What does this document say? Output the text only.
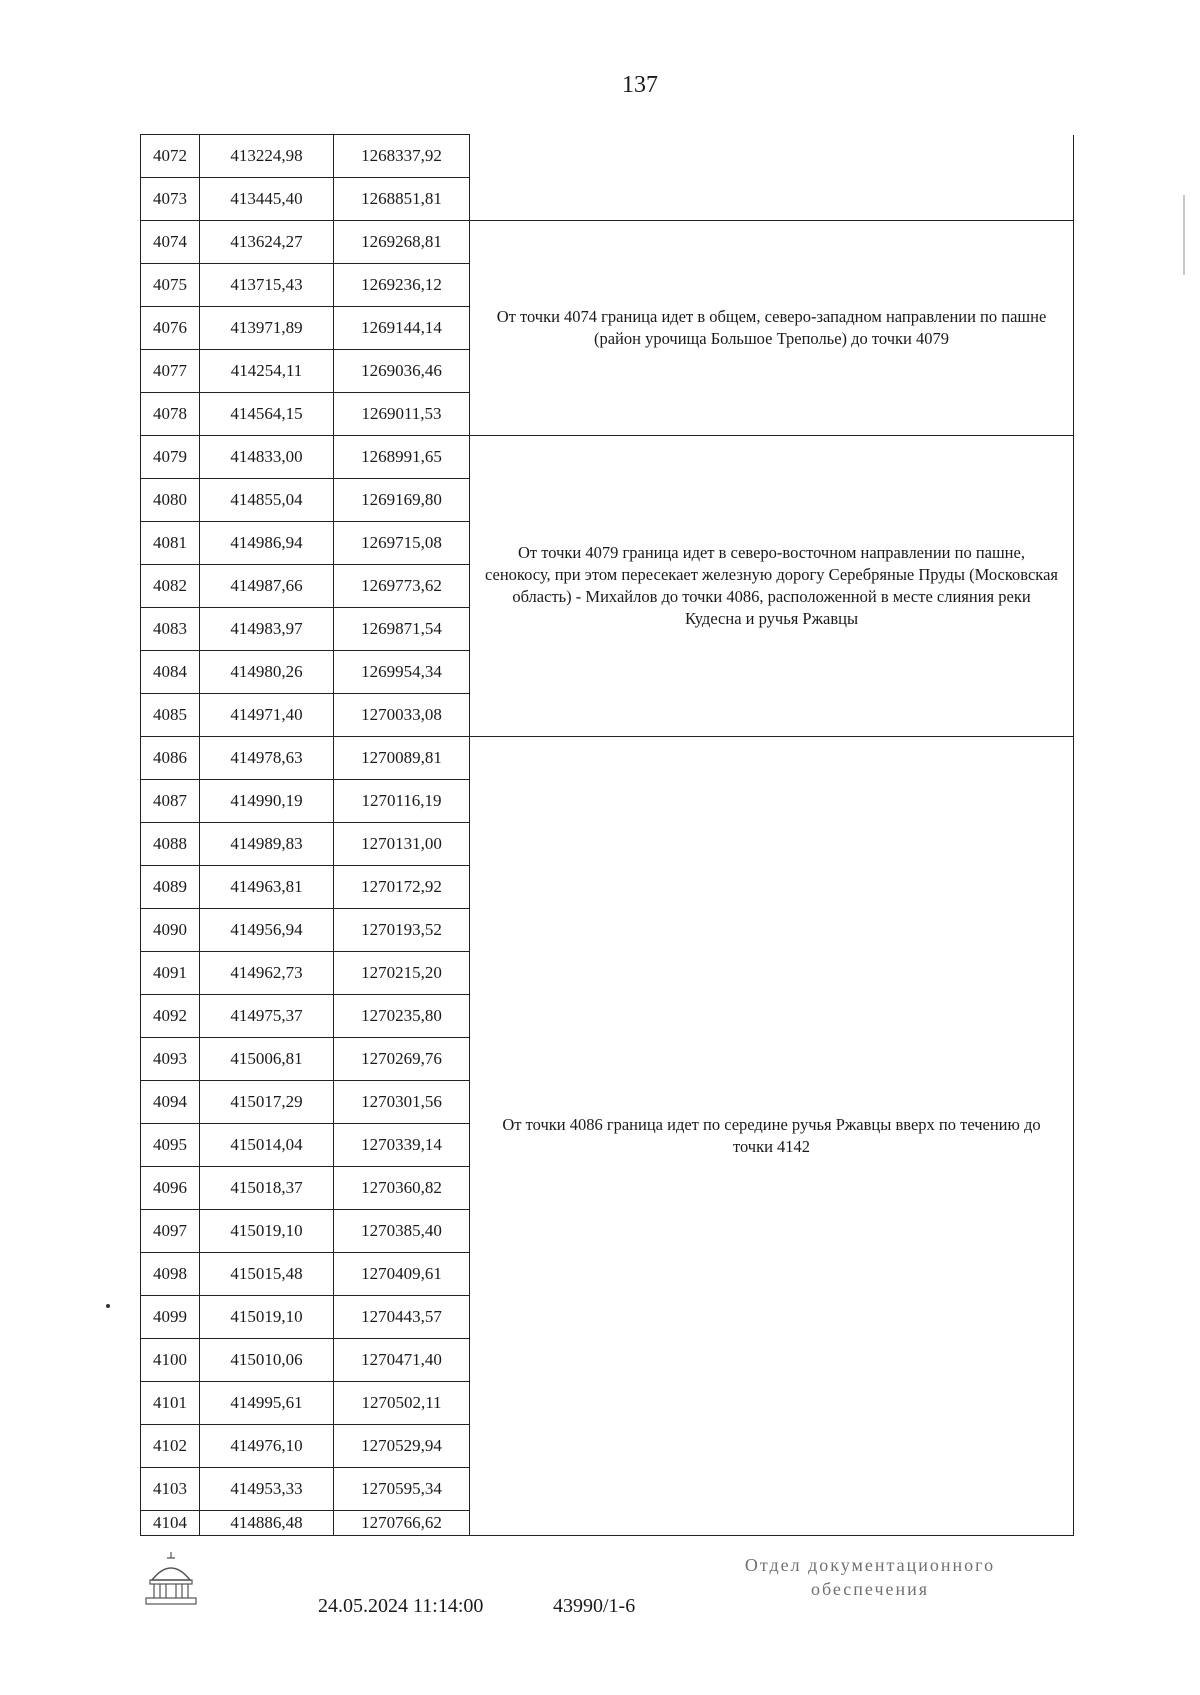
137
4072	413224,98	1268337,92	
4073	413445,40	1268851,81	
4074	413624,27	1269268,81	От точки 4074 граница идет в общем, северо-западном направлении по пашне (район урочища Большое Треполье) до точки 4079
4075	413715,43	1269236,12	
4076	413971,89	1269144,14	
4077	414254,11	1269036,46	
4078	414564,15	1269011,53	
4079	414833,00	1268991,65	От точки 4079 граница идет в северо-восточном направлении по пашне, сенокосу, при этом пересекает железную дорогу Серебряные Пруды (Московская область) - Михайлов до точки 4086, расположенной в месте слияния реки Кудесна и ручья Ржавцы
4080	414855,04	1269169,80	
4081	414986,94	1269715,08	
4082	414987,66	1269773,62	
4083	414983,97	1269871,54	
4084	414980,26	1269954,34	
4085	414971,40	1270033,08	
4086	414978,63	1270089,81	От точки 4086 граница идет по середине ручья Ржавцы вверх по течению до точки 4142
4087	414990,19	1270116,19	
4088	414989,83	1270131,00	
4089	414963,81	1270172,92	
4090	414956,94	1270193,52	
4091	414962,73	1270215,20	
4092	414975,37	1270235,80	
4093	415006,81	1270269,76	
4094	415017,29	1270301,56	
4095	415014,04	1270339,14	
4096	415018,37	1270360,82	
4097	415019,10	1270385,40	
4098	415015,48	1270409,61	
4099	415019,10	1270443,57	
4100	415010,06	1270471,40	
4101	414995,61	1270502,11	
4102	414976,10	1270529,94	
4103	414953,33	1270595,34	
4104	414886,48	1270766,62	
24.05.2024 11:14:00	43990/1-6
Отдел документационного обеспечения
